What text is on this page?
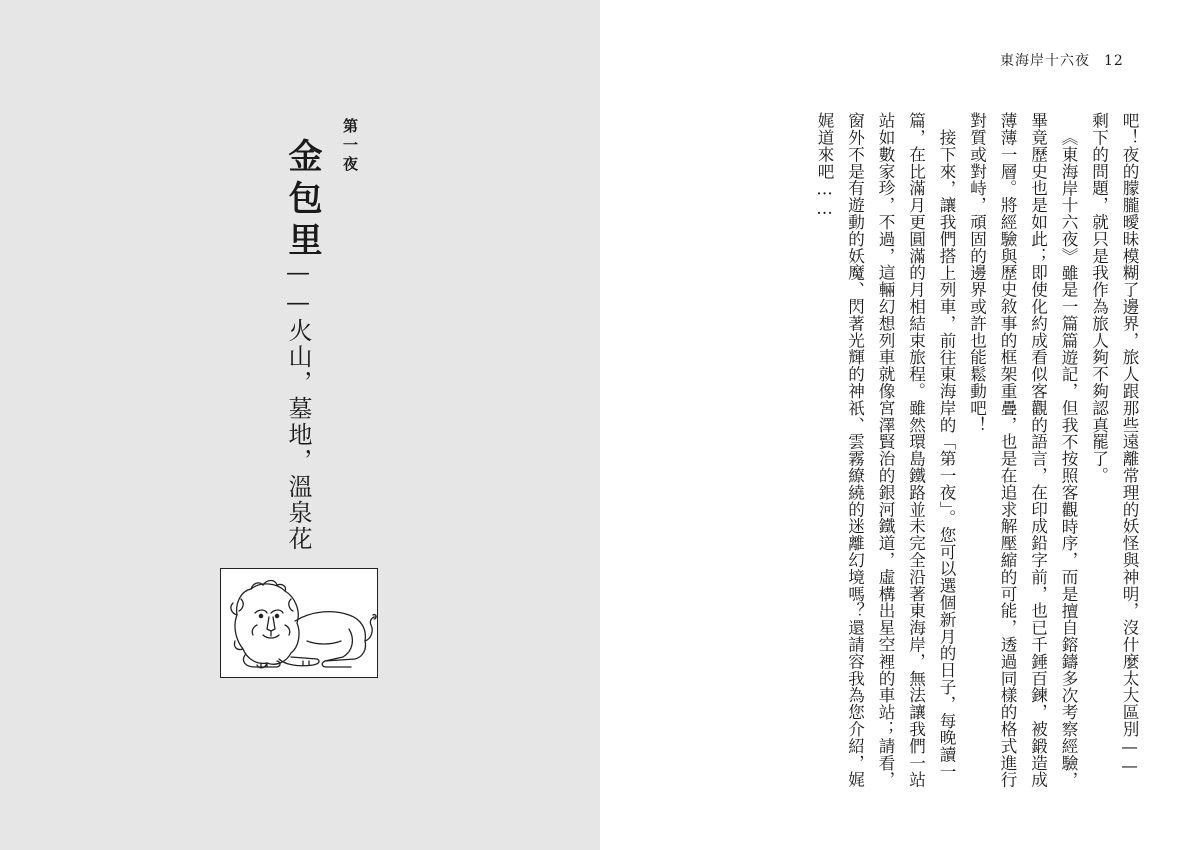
第一夜
金包里
——火山，墓地，溫泉花
東海岸十六夜 12

吧！夜的朦朧曖昧模糊了邊界，旅人跟那些遠離常理的妖怪與神明，沒什麼太大區別——剩下的問題，就只是我作為旅人夠不夠認真罷了。

《東海岸十六夜》雖是一篇篇遊記，但我不按照客觀時序，而是擅自鎔鑄多次考察經驗，畢竟歷史也是如此；即使化約成看似客觀的語言，在印成鉛字前，也已千錘百鍊，被鍛造成薄薄一層。將經驗與歷史敘事的框架重疊，也是在追求解壓縮的可能，透過同樣的格式進行對質或對峙，頑固的邊界或許也能鬆動吧！

接下來，讓我們搭上列車，前往東海岸的「第一夜」。您可以選個新月的日子，每晚讀一篇，在比滿月更圓滿的月相結束旅程。雖然環島鐵路並未完全沿著東海岸，無法讓我們一站站如數家珍，不過，這輛幻想列車就像宮澤賢治的銀河鐵道，虛構出星空裡的車站；請看，窗外不是有遊動的妖魔、閃著光輝的神祇、雲霧繚繞的迷離幻境嗎？還請容我為您介紹，娓娓道來吧……
